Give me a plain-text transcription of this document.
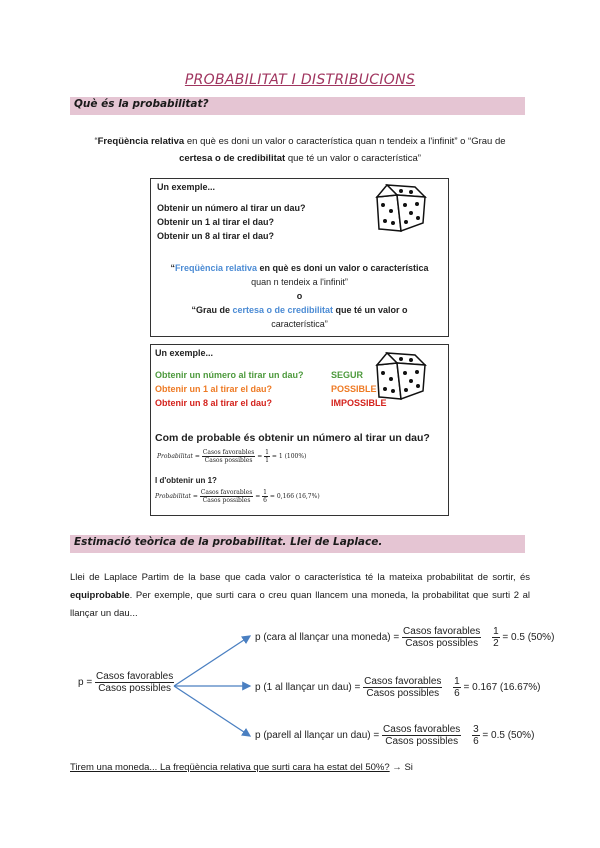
PROBABILITAT I DISTRIBUCIONS
Què és la probabilitat?
“Freqüència relativa en què es doni un valor o característica quan n tendeix a l'infinit” o “Grau de
certesa o de credibilitat que té un valor o característica”
Un exemple...
Obtenir un número al tirar un dau?
Obtenir un 1 al tirar el dau?
Obtenir un 8 al tirar el dau?
“Freqüència relativa en què es doni un valor o característica
quan n tendeix a l'infinit”
o
“Grau de certesa o de credibilitat que té un valor o
característica”
Un exemple...
Obtenir un número al tirar un dau?	SEGUR
Obtenir un 1 al tirar el dau?	POSSIBLE
Obtenir un 8 al tirar el dau?	IMPOSSIBLE
Com de probable és obtenir un número al tirar un dau?
Probabilitat = $\frac{\text{Casos favorables}}{\text{Casos possibles}} = \frac{1}{1} = 1$ (100%)
I d'obtenir un 1?
Probabilitat = $\frac{\text{Casos favorables}}{\text{Casos possibles}} = \frac{1}{6} = 0,166$ (16,7%)
Estimació teòrica de la probabilitat. Llei de Laplace.
Llei de Laplace Partim de la base que cada valor o característica té la mateixa probabilitat de sortir, és equiprobable. Per exemple, que surti cara o creu quan llancem una moneda, la probabilitat que surti 2 al llançar un dau...
$p = \frac{\text{Casos favorables}}{\text{Casos possibles}}$
p (cara al llançar una moneda) = $\frac{\text{Casos favorables}}{\text{Casos possibles}}$
$\frac{1}{2} = 0.5$ (50%)
p (1 al llançar un $dau) = \frac{\text{Casos favorables}}{\text{Casos possibles}}$
$\frac{1}{6} = 0.167$ (16.67%)
p (parell al llançar un $dau) = \frac{\text{Casos favorables}}{\text{Casos possibles}}$
$\frac{3}{6} = 0.5$ (50%)
Tirem una moneda... La freqüència relativa que surti cara ha estat del 50%? → Si
